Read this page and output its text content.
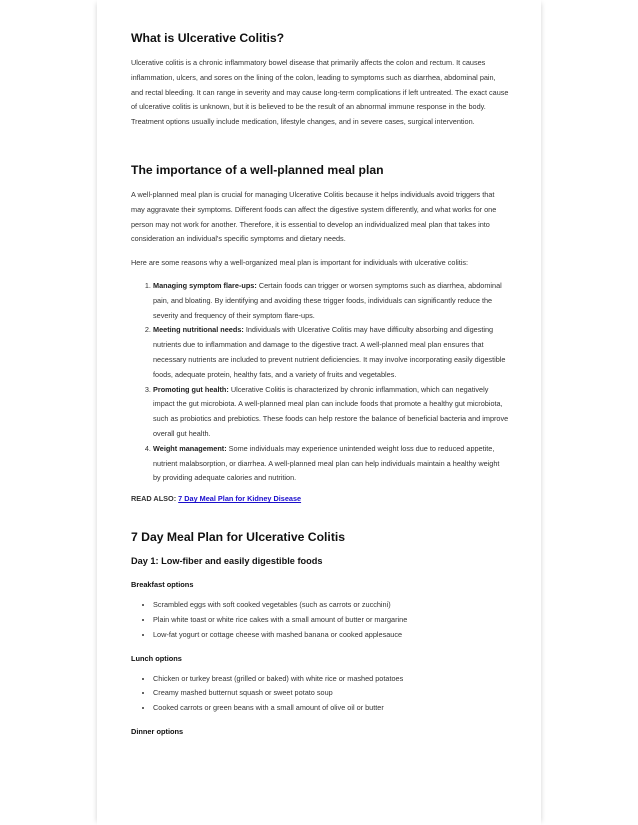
What is Ulcerative Colitis?

Ulcerative colitis is a chronic inflammatory bowel disease that primarily affects the colon and rectum. It causes inflammation, ulcers, and sores on the lining of the colon, leading to symptoms such as diarrhea, abdominal pain, and rectal bleeding. It can range in severity and may cause long-term complications if left untreated. The exact cause of ulcerative colitis is unknown, but it is believed to be the result of an abnormal immune response in the body. Treatment options usually include medication, lifestyle changes, and in severe cases, surgical intervention.

The importance of a well-planned meal plan

A well-planned meal plan is crucial for managing Ulcerative Colitis because it helps individuals avoid triggers that may aggravate their symptoms. Different foods can affect the digestive system differently, and what works for one person may not work for another. Therefore, it is essential to develop an individualized meal plan that takes into consideration an individual's specific symptoms and dietary needs.

Here are some reasons why a well-organized meal plan is important for individuals with ulcerative colitis:

1. Managing symptom flare-ups: Certain foods can trigger or worsen symptoms such as diarrhea, abdominal pain, and bloating. By identifying and avoiding these trigger foods, individuals can significantly reduce the severity and frequency of their symptom flare-ups.
2. Meeting nutritional needs: Individuals with Ulcerative Colitis may have difficulty absorbing and digesting nutrients due to inflammation and damage to the digestive tract. A well-planned meal plan ensures that necessary nutrients are included to prevent nutrient deficiencies. It may involve incorporating easily digestible foods, adequate protein, healthy fats, and a variety of fruits and vegetables.
3. Promoting gut health: Ulcerative Colitis is characterized by chronic inflammation, which can negatively impact the gut microbiota. A well-planned meal plan can include foods that promote a healthy gut microbiota, such as probiotics and prebiotics. These foods can help restore the balance of beneficial bacteria and improve overall gut health.
4. Weight management: Some individuals may experience unintended weight loss due to reduced appetite, nutrient malabsorption, or diarrhea. A well-planned meal plan can help individuals maintain a healthy weight by providing adequate calories and nutrition.
READ ALSO: 7 Day Meal Plan for Kidney Disease
7 Day Meal Plan for Ulcerative Colitis
Day 1: Low-fiber and easily digestible foods
Breakfast options
• Scrambled eggs with soft cooked vegetables (such as carrots or zucchini)
• Plain white toast or white rice cakes with a small amount of butter or margarine
• Low-fat yogurt or cottage cheese with mashed banana or cooked applesauce
Lunch options
• Chicken or turkey breast (grilled or baked) with white rice or mashed potatoes
• Creamy mashed butternut squash or sweet potato soup
• Cooked carrots or green beans with a small amount of olive oil or butter
Dinner options
